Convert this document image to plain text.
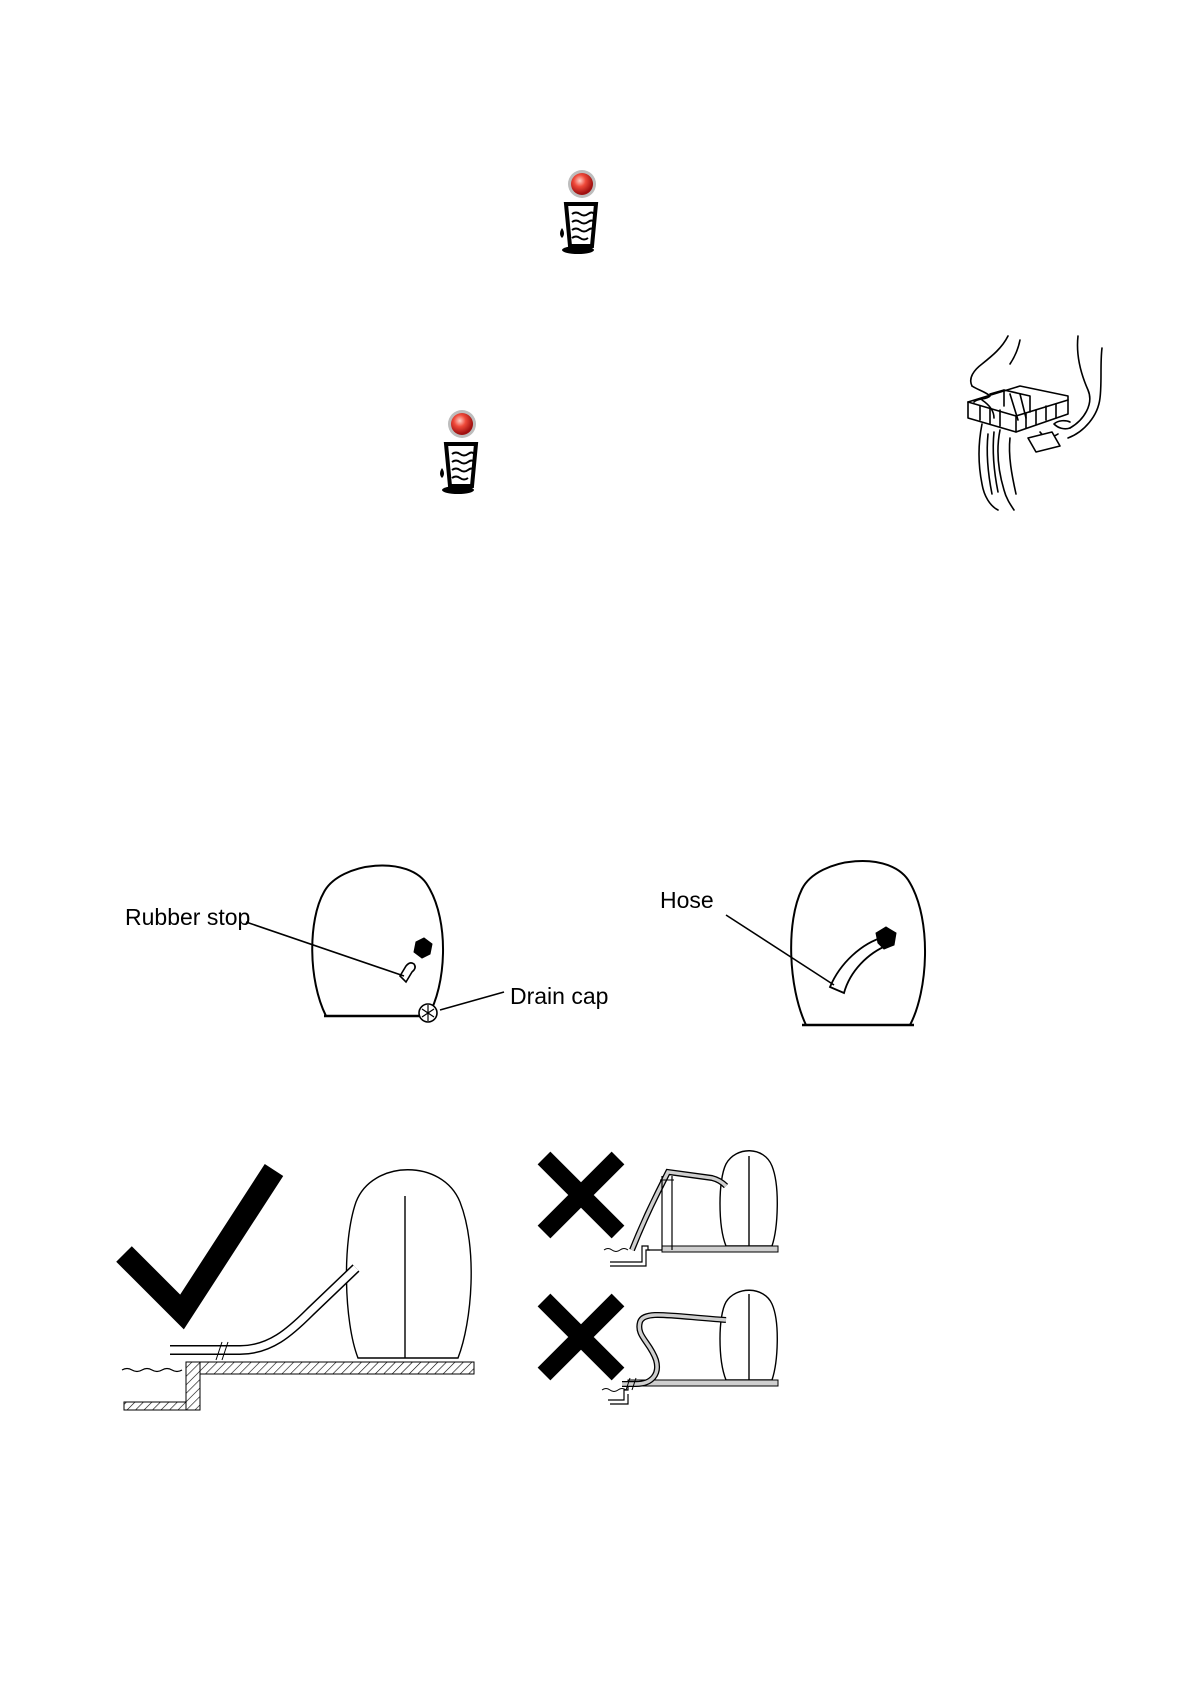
Rubber stop
Drain cap
Hose
